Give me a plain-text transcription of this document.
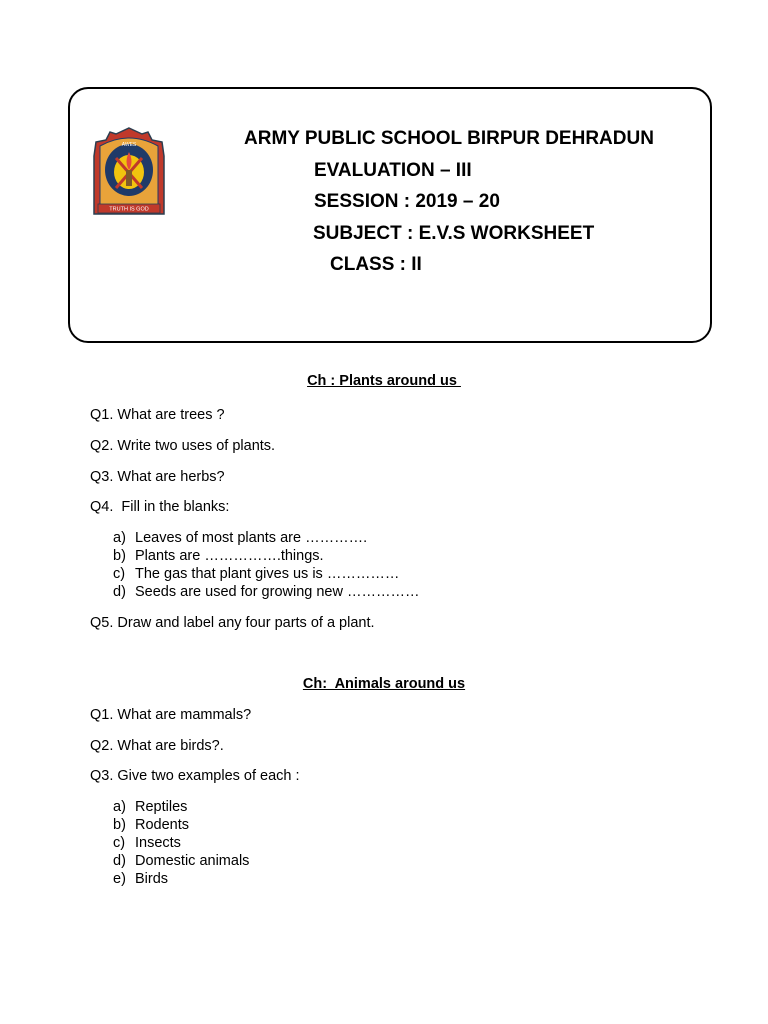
TRUTH IS GOD
AWES	ARMY PUBLIC SCHOOL BIRPUR DEHRADUN
EVALUATION – III
SESSION : 2019 – 20
SUBJECT : E.V.S WORKSHEET
CLASS : II
Ch : Plants around us
Q1. What are trees ?
Q2. Write two uses of plants.
Q3. What are herbs?
Q4.  Fill in the blanks:
a) Leaves of most plants are ………….
b) Plants are …………….things.
c) The gas that plant gives us is ……………
d) Seeds are used for growing new ……………
Q5. Draw and label any four parts of a plant.
Ch:  Animals around us
Q1. What are mammals?
Q2. What are birds?.
Q3. Give two examples of each :
a) Reptiles
b) Rodents
c) Insects
d) Domestic animals
e) Birds
